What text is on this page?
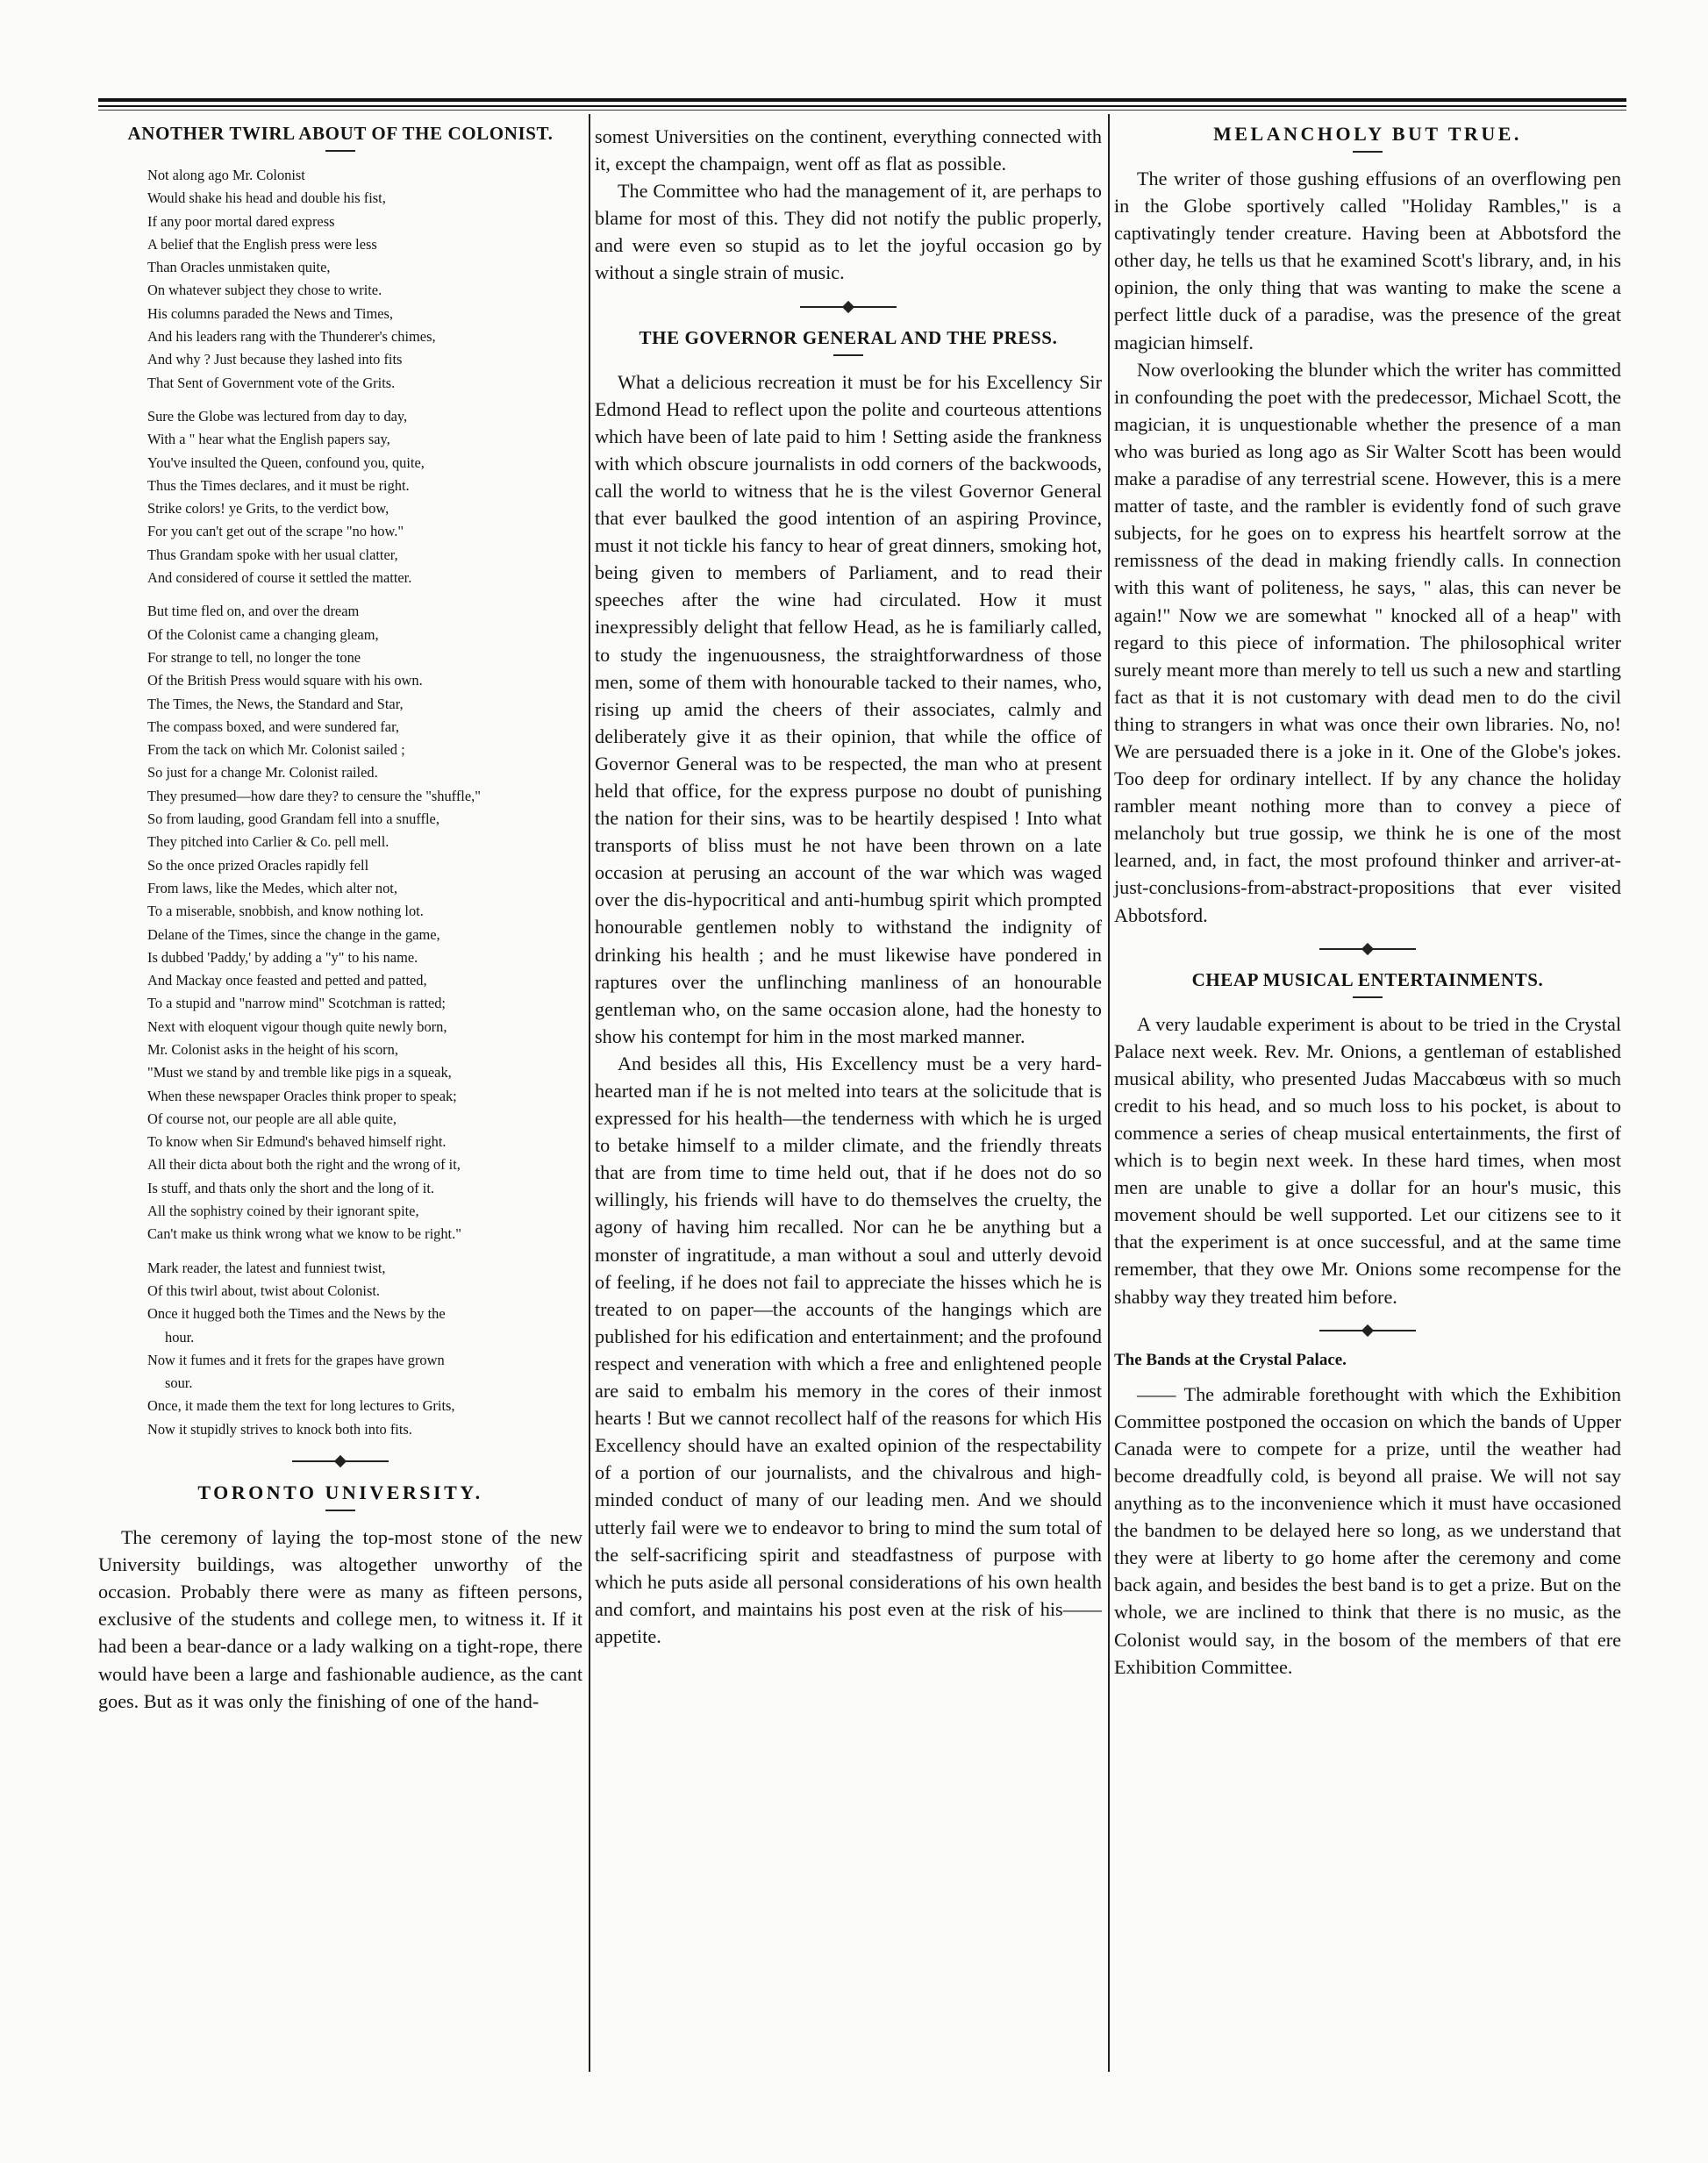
ANOTHER TWIRL ABOUT OF THE COLONIST.
Not along ago Mr. Colonist
Would shake his head and double his fist,
If any poor mortal dared express
A belief that the English press were less
Than Oracles unmistaken quite,
On whatever subject they chose to write.
His columns paraded the News and Times,
And his leaders rang with the Thunderer's chimes,
And why ? Just because they lashed into fits
That Sent of Government vote of the Grits.
Sure the Globe was lectured from day to day,
With a " hear what the English papers say,
You've insulted the Queen, confound you, quite,
Thus the Times declares, and it must be right.
Strike colors! ye Grits, to the verdict bow,
For you can't get out of the scrape "no how."
Thus Grandam spoke with her usual clatter,
And considered of course it settled the matter.
But time fled on, and over the dream
Of the Colonist came a changing gleam,
For strange to tell, no longer the tone
Of the British Press would square with his own.
The Times, the News, the Standard and Star,
The compass boxed, and were sundered far,
From the tack on which Mr. Colonist sailed ;
So just for a change Mr. Colonist railed.
They presumed—how dare they? to censure the "shuffle,"
So from lauding, good Grandam fell into a snuffle,
They pitched into Carlier & Co. pell mell.
So the once prized Oracles rapidly fell
From laws, like the Medes, which alter not,
To a miserable, snobbish, and know nothing lot.
Delane of the Times, since the change in the game,
Is dubbed 'Paddy,' by adding a "y" to his name.
And Mackay once feasted and petted and patted,
To a stupid and "narrow mind" Scotchman is ratted;
Next with eloquent vigour though quite newly born,
Mr. Colonist asks in the height of his scorn,
"Must we stand by and tremble like pigs in a squeak,
When these newspaper Oracles think proper to speak;
Of course not, our people are all able quite,
To know when Sir Edmund's behaved himself right.
All their dicta about both the right and the wrong of it,
Is stuff, and thats only the short and the long of it.
All the sophistry coined by their ignorant spite,
Can't make us think wrong what we know to be right."
Mark reader, the latest and funniest twist,
Of this twirl about, twist about Colonist.
Once it hugged both the Times and the News by the
hour.
Now it fumes and it frets for the grapes have grown
sour.
Once, it made them the text for long lectures to Grits,
Now it stupidly strives to knock both into fits.
TORONTO UNIVERSITY.

The ceremony of laying the top-most stone of the new University buildings, was altogether unworthy of the occasion. Probably there were as many as fifteen persons, exclusive of the students and college men, to witness it. If it had been a bear-dance or a lady walking on a tight-rope, there would have been a large and fashionable audience, as the cant goes. But as it was only the finishing of one of the hand-

somest Universities on the continent, everything connected with it, except the champaign, went off as flat as possible.

The Committee who had the management of it, are perhaps to blame for most of this. They did not notify the public properly, and were even so stupid as to let the joyful occasion go by without a single strain of music.

THE GOVERNOR GENERAL AND THE PRESS.

What a delicious recreation it must be for his Excellency Sir Edmond Head to reflect upon the polite and courteous attentions which have been of late paid to him ! Setting aside the frankness with which obscure journalists in odd corners of the backwoods, call the world to witness that he is the vilest Governor General that ever baulked the good intention of an aspiring Province, must it not tickle his fancy to hear of great dinners, smoking hot, being given to members of Parliament, and to read their speeches after the wine had circulated. How it must inexpressibly delight that fellow Head, as he is familiarly called, to study the ingenuousness, the straightforwardness of those men, some of them with honourable tacked to their names, who, rising up amid the cheers of their associates, calmly and deliberately give it as their opinion, that while the office of Governor General was to be respected, the man who at present held that office, for the express purpose no doubt of punishing the nation for their sins, was to be heartily despised ! Into what transports of bliss must he not have been thrown on a late occasion at perusing an account of the war which was waged over the dis-hypocritical and anti-humbug spirit which prompted honourable gentlemen nobly to withstand the indignity of drinking his health ; and he must likewise have pondered in raptures over the unflinching manliness of an honourable gentleman who, on the same occasion alone, had the honesty to show his contempt for him in the most marked manner.

And besides all this, His Excellency must be a very hard-hearted man if he is not melted into tears at the solicitude that is expressed for his health—the tenderness with which he is urged to betake himself to a milder climate, and the friendly threats that are from time to time held out, that if he does not do so willingly, his friends will have to do themselves the cruelty, the agony of having him recalled. Nor can he be anything but a monster of ingratitude, a man without a soul and utterly devoid of feeling, if he does not fail to appreciate the hisses which he is treated to on paper—the accounts of the hangings which are published for his edification and entertainment; and the profound respect and veneration with which a free and enlightened people are said to embalm his memory in the cores of their inmost hearts ! But we cannot recollect half of the reasons for which His Excellency should have an exalted opinion of the respectability of a portion of our journalists, and the chivalrous and high-minded conduct of many of our leading men. And we should utterly fail were we to endeavor to bring to mind the sum total of the self-sacrificing spirit and steadfastness of purpose with which he puts aside all personal considerations of his own health and comfort, and maintains his post even at the risk of his——appetite.

MELANCHOLY BUT TRUE.

The writer of those gushing effusions of an overflowing pen in the Globe sportively called "Holiday Rambles," is a captivatingly tender creature. Having been at Abbotsford the other day, he tells us that he examined Scott's library, and, in his opinion, the only thing that was wanting to make the scene a perfect little duck of a paradise, was the presence of the great magician himself.

Now overlooking the blunder which the writer has committed in confounding the poet with the predecessor, Michael Scott, the magician, it is unquestionable whether the presence of a man who was buried as long ago as Sir Walter Scott has been would make a paradise of any terrestrial scene. However, this is a mere matter of taste, and the rambler is evidently fond of such grave subjects, for he goes on to express his heartfelt sorrow at the remissness of the dead in making friendly calls. In connection with this want of politeness, he says, " alas, this can never be again!" Now we are somewhat " knocked all of a heap" with regard to this piece of information. The philosophical writer surely meant more than merely to tell us such a new and startling fact as that it is not customary with dead men to do the civil thing to strangers in what was once their own libraries. No, no! We are persuaded there is a joke in it. One of the Globe's jokes. Too deep for ordinary intellect. If by any chance the holiday rambler meant nothing more than to convey a piece of melancholy but true gossip, we think he is one of the most learned, and, in fact, the most profound thinker and arriver-at-just-conclusions-from-abstract-propositions that ever visited Abbotsford.

CHEAP MUSICAL ENTERTAINMENTS.

A very laudable experiment is about to be tried in the Crystal Palace next week. Rev. Mr. Onions, a gentleman of established musical ability, who presented Judas Maccabœus with so much credit to his head, and so much loss to his pocket, is about to commence a series of cheap musical entertainments, the first of which is to begin next week. In these hard times, when most men are unable to give a dollar for an hour's music, this movement should be well supported. Let our citizens see to it that the experiment is at once successful, and at the same time remember, that they owe Mr. Onions some recompense for the shabby way they treated him before.

The Bands at the Crystal Palace.

—— The admirable forethought with which the Exhibition Committee postponed the occasion on which the bands of Upper Canada were to compete for a prize, until the weather had become dreadfully cold, is beyond all praise. We will not say anything as to the inconvenience which it must have occasioned the bandmen to be delayed here so long, as we understand that they were at liberty to go home after the ceremony and come back again, and besides the best band is to get a prize. But on the whole, we are inclined to think that there is no music, as the Colonist would say, in the bosom of the members of that ere Exhibition Committee.
